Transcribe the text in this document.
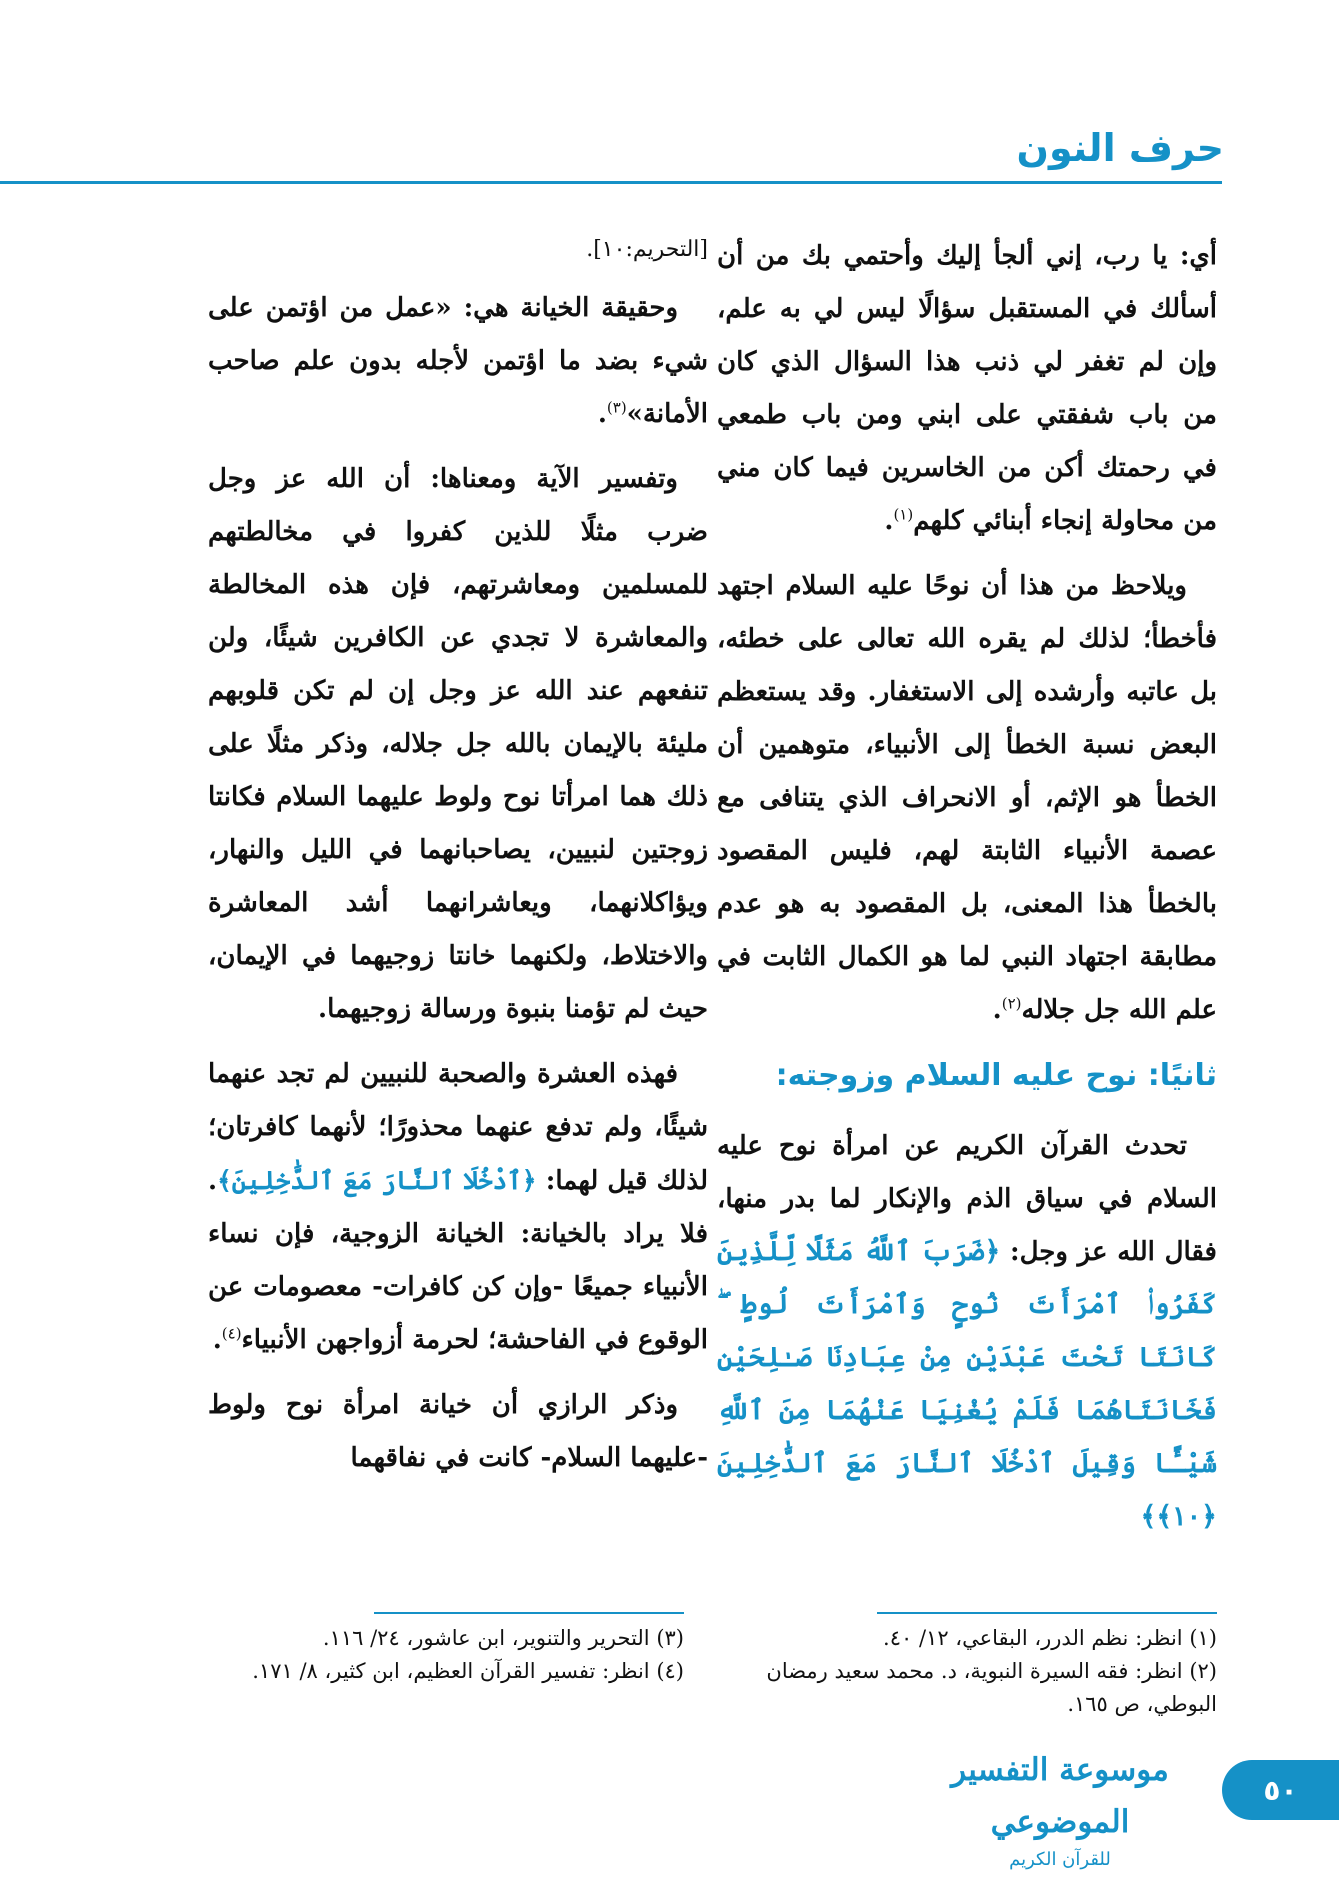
حرف النون

أي: يا رب، إني ألجأ إليك وأحتمي بك من أن أسألك في المستقبل سؤالًا ليس لي به علم، وإن لم تغفر لي ذنب هذا السؤال الذي كان من باب شفقتي على ابني ومن باب طمعي في رحمتك أكن من الخاسرين فيما كان مني من محاولة إنجاء أبنائي كلهم$^{(١)}$.

ويلاحظ من هذا أن نوحًا عليه السلام اجتهد فأخطأ؛ لذلك لم يقره الله تعالى على خطئه، بل عاتبه وأرشده إلى الاستغفار. وقد يستعظم البعض نسبة الخطأ إلى الأنبياء، متوهمين أن الخطأ هو الإثم، أو الانحراف الذي يتنافى مع عصمة الأنبياء الثابتة لهم، فليس المقصود بالخطأ هذا المعنى، بل المقصود به هو عدم مطابقة اجتهاد النبي لما هو الكمال الثابت في علم الله جل جلاله$^{(٢)}$.

ثانيًا: نوح عليه السلام وزوجته:

تحدث القرآن الكريم عن امرأة نوح عليه السلام في سياق الذم والإنكار لما بدر منها، فقال الله عز وجل: ﴿ضَرَبَ ٱللَّهُ مَثَلًا لِّلَّذِينَ كَفَرُوا۟ ٱمْرَأَتَ نُوحٍ وَٱمْرَأَتَ لُوطٍ ۖ كَانَتَا تَحْتَ عَبْدَيْنِ مِنْ عِبَادِنَا صَـٰلِحَيْنِ فَخَانَتَاهُمَا فَلَمْ يُغْنِيَا عَنْهُمَا مِنَ ٱللَّهِ شَيْـًٔا وَقِيلَ ٱدْخُلَا ٱلنَّارَ مَعَ ٱلدَّٰخِلِينَ ﴿١٠﴾﴾

[التحريم:١٠].

وحقيقة الخيانة هي: «عمل من اؤتمن على شيء بضد ما اؤتمن لأجله بدون علم صاحب الأمانة»$^{(٣)}$.

وتفسير الآية ومعناها: أن الله عز وجل ضرب مثلًا للذين كفروا في مخالطتهم للمسلمين ومعاشرتهم، فإن هذه المخالطة والمعاشرة لا تجدي عن الكافرين شيئًا، ولن تنفعهم عند الله عز وجل إن لم تكن قلوبهم مليئة بالإيمان بالله جل جلاله، وذكر مثلًا على ذلك هما امرأتا نوح ولوط عليهما السلام فكانتا زوجتين لنبيين، يصاحبانهما في الليل والنهار، ويؤاكلانهما، ويعاشرانهما أشد المعاشرة والاختلاط، ولكنهما خانتا زوجيهما في الإيمان، حيث لم تؤمنا بنبوة ورسالة زوجيهما.

فهذه العشرة والصحبة للنبيين لم تجد عنهما شيئًا، ولم تدفع عنهما محذورًا؛ لأنهما كافرتان؛ لذلك قيل لهما: ﴿ٱدْخُلَا ٱلنَّارَ مَعَ ٱلدَّٰخِلِينَ﴾. فلا يراد بالخيانة: الخيانة الزوجية، فإن نساء الأنبياء جميعًا -وإن كن كافرات- معصومات عن الوقوع في الفاحشة؛ لحرمة أزواجهن الأنبياء$^{(٤)}$.

وذكر الرازي أن خيانة امرأة نوح ولوط -عليهما السلام- كانت في نفاقهما

(١) انظر: نظم الدرر، البقاعي، ١٢/ ٤٠.
(٢) انظر: فقه السيرة النبوية، د. محمد سعيد رمضان البوطي، ص ١٦٥.
(٣) التحرير والتنوير، ابن عاشور، ٢٤/ ١١٦.
(٤) انظر: تفسير القرآن العظيم، ابن كثير، ٨/ ١٧١.
موسوعة التفسير الموضوعي
للقرآن الكريم
٥٠
